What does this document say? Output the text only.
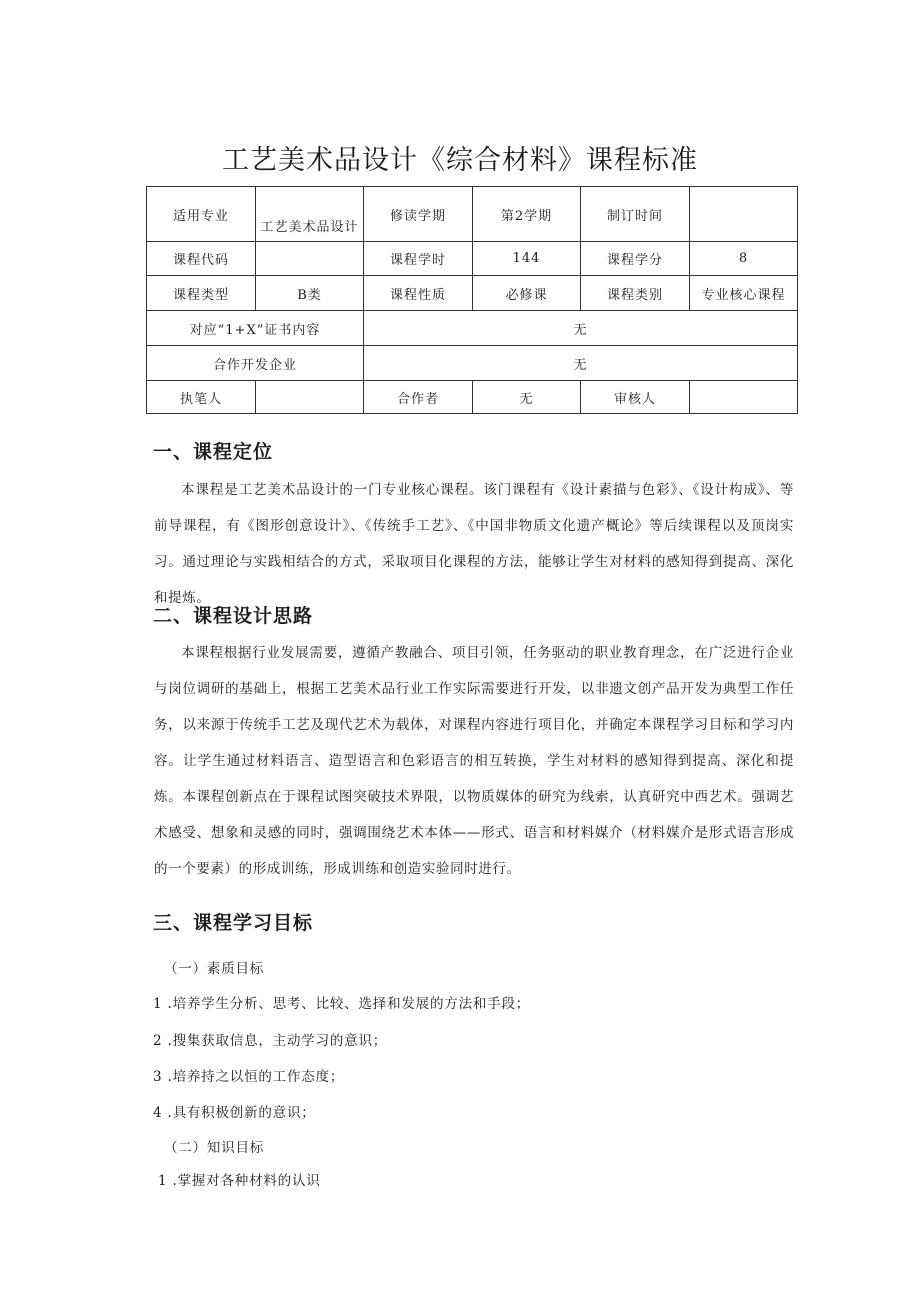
工艺美术品设计《综合材料》课程标准
适用专业	工艺美术品设计	修读学期	第2学期	制订时间	
课程代码		课程学时	144	课程学分	8
课程类型	B类	课程性质	必修课	课程类别	专业核心课程
对应“1+X”证书内容		无			
合作开发企业		无			
执笔人		合作者	无	审核人	
一、课程定位
本课程是工艺美术品设计的一门专业核心课程。该门课程有《设计素描与色彩》、《设计构成》、等前导课程，有《图形创意设计》、《传统手工艺》、《中国非物质文化遗产概论》等后续课程以及顶岗实习。通过理论与实践相结合的方式，采取项目化课程的方法，能够让学生对材料的感知得到提高、深化和提炼。
二、课程设计思路
本课程根据行业发展需要，遵循产教融合、项目引领，任务驱动的职业教育理念，在广泛进行企业与岗位调研的基础上，根据工艺美术品行业工作实际需要进行开发，以非遗文创产品开发为典型工作任务，以来源于传统手工艺及现代艺术为载体，对课程内容进行项目化，并确定本课程学习目标和学习内容。让学生通过材料语言、造型语言和色彩语言的相互转换，学生对材料的感知得到提高、深化和提炼。本课程创新点在于课程试图突破技术界限，以物质媒体的研究为线索，认真研究中西艺术。强调艺术感受、想象和灵感的同时，强调围绕艺术本体——形式、语言和材料媒介（材料媒介是形式语言形成的一个要素）的形成训练，形成训练和创造实验同时进行。
三、课程学习目标
（一）素质目标
1 .培养学生分析、思考、比较、选择和发展的方法和手段；
2 .搜集获取信息，主动学习的意识；
3 .培养持之以恒的工作态度；
4 .具有积极创新的意识；
（二）知识目标
1 .掌握对各种材料的认识
